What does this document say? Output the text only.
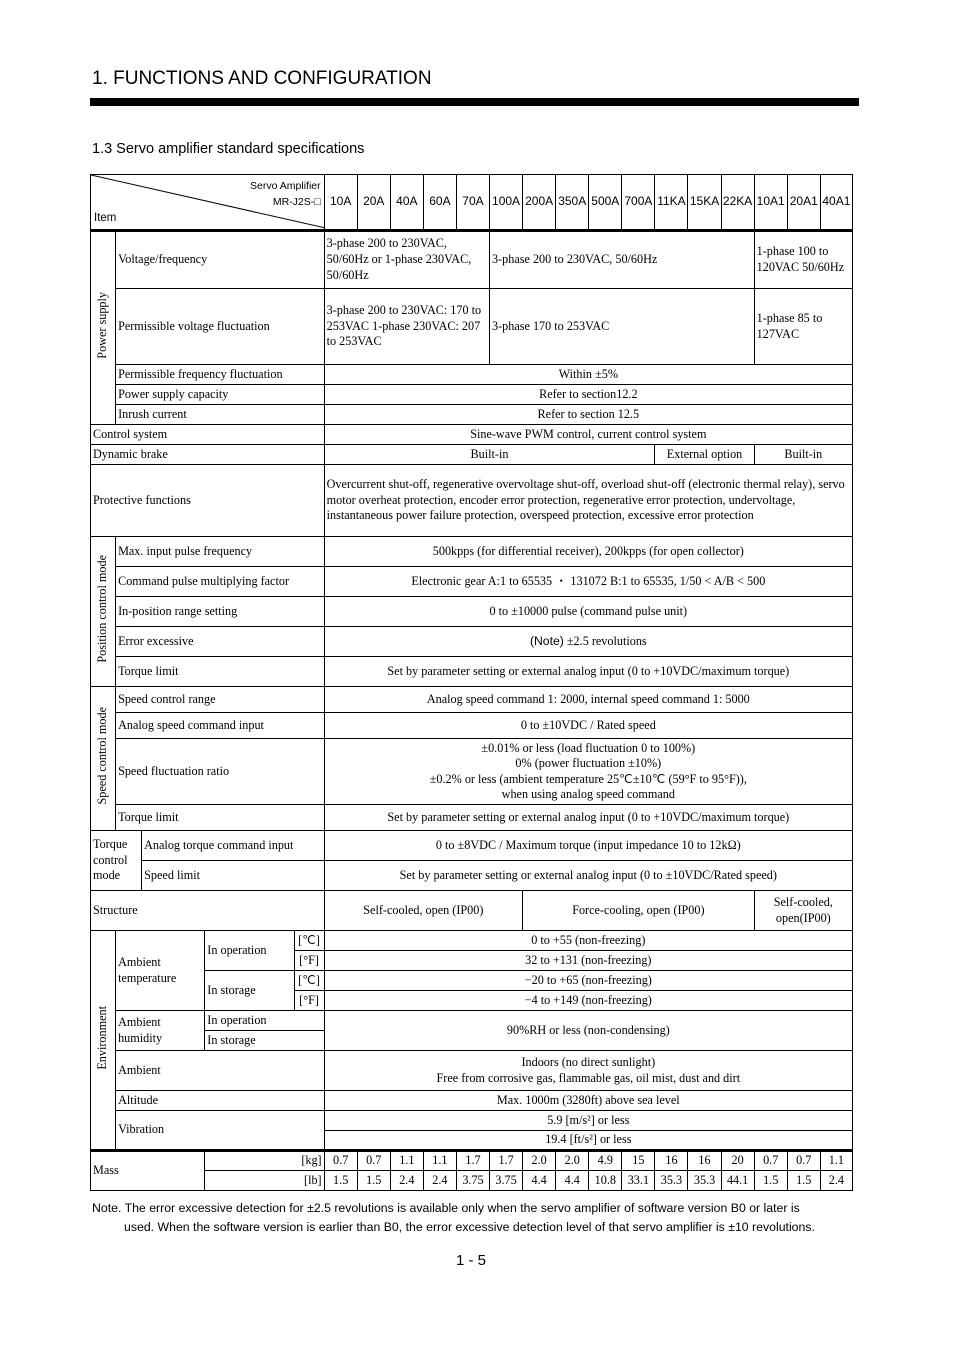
1. FUNCTIONS AND CONFIGURATION
1.3 Servo amplifier standard specifications
Servo Amplifier
MR-J2S-□
Item					10A	20A	40A	60A	70A	100A	200A	350A	500A	700A	11KA	15KA	22KA	10A1	20A1	40A1
Power supply	Voltage/frequency				3-phase 200 to 230VAC, 50/60Hz or 1-phase 230VAC, 50/60Hz					3-phase 200 to 230VAC, 50/60Hz								1-phase 100 to 120VAC 50/60Hz		
	Permissible voltage fluctuation				3-phase 200 to 230VAC: 170 to 253VAC 1-phase 230VAC: 207 to 253VAC					3-phase 170 to 253VAC								1-phase 85 to 127VAC		
	Permissible frequency fluctuation				Within ±5%															
	Power supply capacity				Refer to section12.2															
	Inrush current				Refer to section 12.5															
Control system					Sine-wave PWM control, current control system															
Dynamic brake					Built-in										External option			Built-in		
Protective functions					Overcurrent shut-off, regenerative overvoltage shut-off, overload shut-off (electronic thermal relay), servo motor overheat protection, encoder error protection, regenerative error protection, undervoltage, instantaneous power failure protection, overspeed protection, excessive error protection															
Position control mode	Max. input pulse frequency				500kpps (for differential receiver), 200kpps (for open collector)															
	Command pulse multiplying factor				Electronic gear A:1 to 65535 ・ 131072 B:1 to 65535, 1/50 < A/B < 500															
	In-position range setting				0 to ±10000 pulse (command pulse unit)															
	Error excessive				(Note) ±2.5 revolutions															
	Torque limit				Set by parameter setting or external analog input (0 to +10VDC/maximum torque)															
Speed control mode	Speed control range				Analog speed command 1: 2000, internal speed command 1: 5000															
	Analog speed command input				0 to ±10VDC / Rated speed															
	Speed fluctuation ratio				±0.01% or less (load fluctuation 0 to 100%)
0% (power fluctuation ±10%)
±0.2% or less (ambient temperature 25℃±10℃ (59°F to 95°F)),
when using analog speed command															

	Torque limit				Set by parameter setting or external analog input (0 to +10VDC/maximum torque)															
Torque control mode		Analog torque command input			0 to ±8VDC / Maximum torque (input impedance 10 to 12kΩ)															
		Speed limit			Set by parameter setting or external analog input (0 to ±10VDC/Rated speed)															
Structure					Self-cooled, open (IP00)						Force-cooling, open (IP00)							Self-cooled, open(IP00)		
Environment	Ambient temperature		In operation	[℃]	0 to +55 (non-freezing)															
				[°F]	32 to +131 (non-freezing)															
			In storage	[℃]	−20 to +65 (non-freezing)															
				[°F]	−4 to +149 (non-freezing)															
	Ambient humidity		In operation		90%RH or less (non-condensing)															
			In storage																	
	Ambient				Indoors (no direct sunlight)
Free from corrosive gas, flammable gas, oil mist, dust and dirt															

	Altitude				Max. 1000m (3280ft) above sea level															
	Vibration				5.9 [m/s²] or less															
					19.4 [ft/s²] or less															
Mass			[kg]		0.7	0.7	1.1	1.1	1.7	1.7	2.0	2.0	4.9	15	16	16	20	0.7	0.7	1.1
			[lb]		1.5	1.5	2.4	2.4	3.75	3.75	4.4	4.4	10.8	33.1	35.3	35.3	44.1	1.5	1.5	2.4
Note. The error excessive detection for ±2.5 revolutions is available only when the servo amplifier of software version B0 or later is
used. When the software version is earlier than B0, the error excessive detection level of that servo amplifier is ±10 revolutions.
1 - 5
